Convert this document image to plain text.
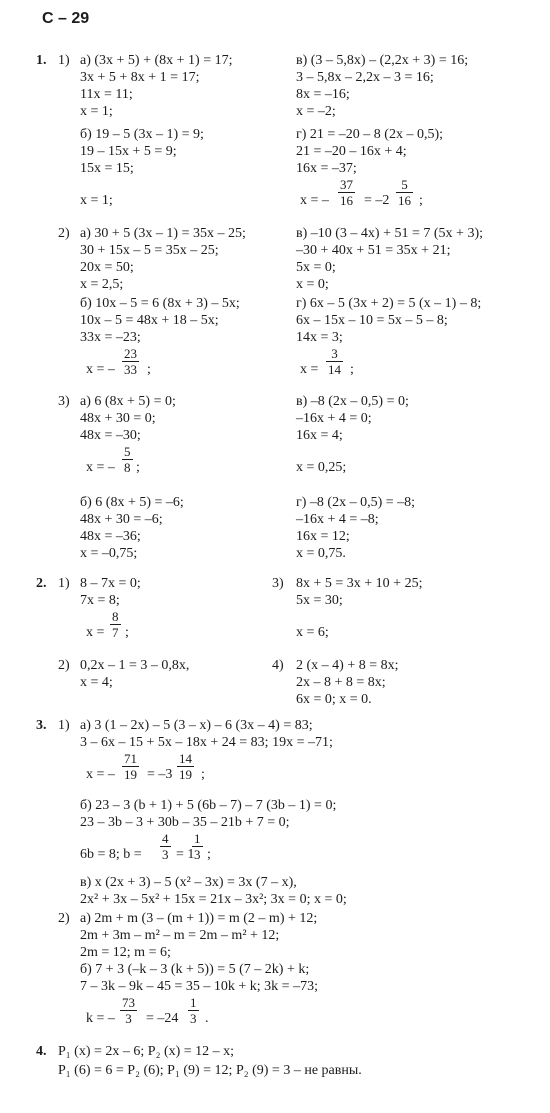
С – 29
1. 1) а) (3x + 5) + (8x + 1) = 17;
3x + 5 + 8x + 1 = 17;
11x = 11;
x = 1;
б) 19 – 5 (3x – 1) = 9;
19 – 15x + 5 = 9;
15x = 15;
x = 1;
в) (3 – 5,8x) – (2,2x + 3) = 16;
3 – 5,8x – 2,2x – 3 = 16;
8x = –16;
x = –2;
г) 21 = –20 – 8 (2x – 0,5);
21 = –20 – 16x + 4;
16x = –37;
x = –
37
16 = –2
5
16 ;
2) а) 30 + 5 (3x – 1) = 35x – 25;
30 + 15x – 5 = 35x – 25;
20x = 50;
x = 2,5;
б) 10x – 5 = 6 (8x + 3) – 5x;
10x – 5 = 48x + 18 – 5x;
33x = –23;
x = –
23
33 ;
в) –10 (3 – 4x) + 51 = 7 (5x + 3);
–30 + 40x + 51 = 35x + 21;
5x = 0;
x = 0;
г) 6x – 5 (3x + 2) = 5 (x – 1) – 8;
6x – 15x – 10 = 5x – 5 – 8;
14x = 3;
x =
3
14 ;
3) а) 6 (8x + 5) = 0;
48x + 30 = 0;
48x = –30;
x = –
5
8 ;
в) –8 (2x – 0,5) = 0;
–16x + 4 = 0;
16x = 4;
x = 0,25;
б) 6 (8x + 5) = –6;
48x + 30 = –6;
48x = –36;
x = –0,75;
г) –8 (2x – 0,5) = –8;
–16x + 4 = –8;
16x = 12;
x = 0,75.
2. 1) 8 – 7x = 0;
7x = 8;
x =
8
7 ;
3) 8x + 5 = 3x + 10 + 25;
5x = 30;
x = 6;
2) 0,2x – 1 = 3 – 0,8x,
x = 4;
4) 2 (x – 4) + 8 = 8x;
2x – 8 + 8 = 8x;
6x = 0; x = 0.
3. 1) а) 3 (1 – 2x) – 5 (3 – x) – 6 (3x – 4) = 83;
3 – 6x – 15 + 5x – 18x + 24 = 83; 19x = –71;
x = –
71
19 = –3
14
19 ;
б) 23 – 3 (b + 1) + 5 (6b – 7) – 7 (3b – 1) = 0;
23 – 3b – 3 + 30b – 35 – 21b + 7 = 0;
6b = 8; b =
4
3 = 1
1
3 ;
в) x (2x + 3) – 5 (x² – 3x) = 3x (7 – x),
2x² + 3x – 5x² + 15x = 21x – 3x²; 3x = 0; x = 0;
2) а) 2m + m (3 – (m + 1)) = m (2 – m) + 12;
2m + 3m – m² – m = 2m – m² + 12;
2m = 12; m = 6;
б) 7 + 3 (–k – 3 (k + 5)) = 5 (7 – 2k) + k;
7 – 3k – 9k – 45 = 35 – 10k + k; 3k = –73;
k = –
73
3 = –24
1
3 .
4. P₁ (x) = 2x – 6; P₂ (x) = 12 – x;
P₁ (6) = 6 = P₂ (6); P₁ (9) = 12; P₂ (9) = 3 – не равны.
